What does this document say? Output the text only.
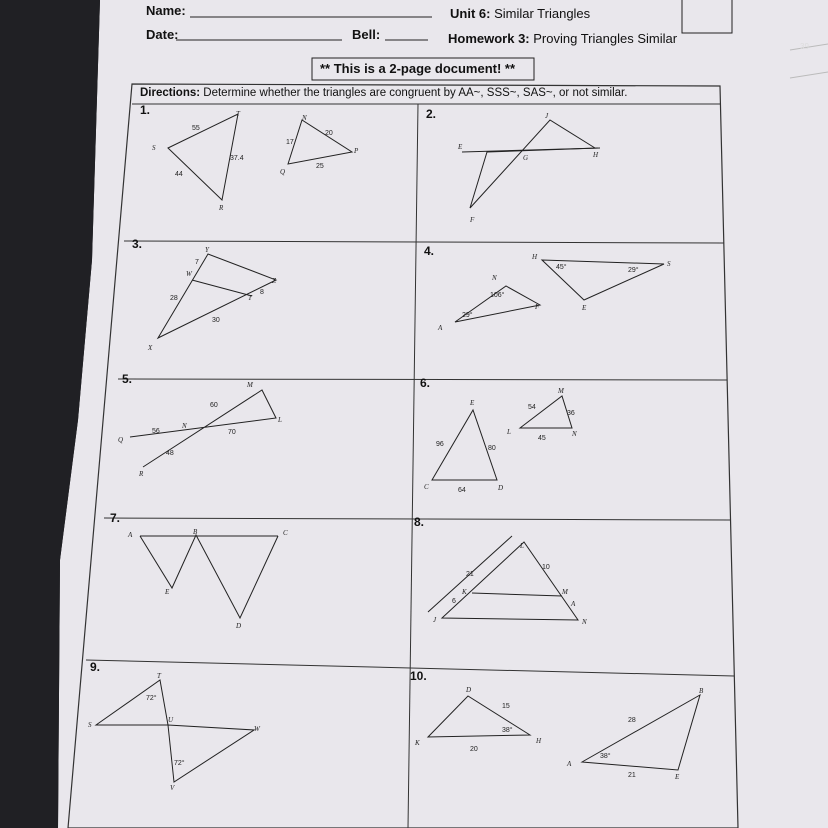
Name:
Date:	Bell:
Unit 6: Similar Triangles
Homework 3: Proving Triangles Similar
** This is a 2-page document! **
39
Directions: Determine whether the triangles are congruent by AA~, SSS~, SAS~, or not similar.
1.	2.
3.	4.
5.	6.
7.	8.
9.
10.
S
T
R
N
P
Q
55
37.4
44
17
20
25
J
E
G	H
F
Y
W
Z
T
X
7
28
8
30
H
S
N
F	E
A
45°	29°
106°
29°
M
L
N
Q
R
60
70
56
48
M
E
L	N
C	D
54
36
45
96
80
64
A	B	C
E
D
L
K	M
J	N
A
21
10
6
T
S
U
W
V
72°
72°
D
K	H
B
A
E
15
38°
20
28
38°
21
